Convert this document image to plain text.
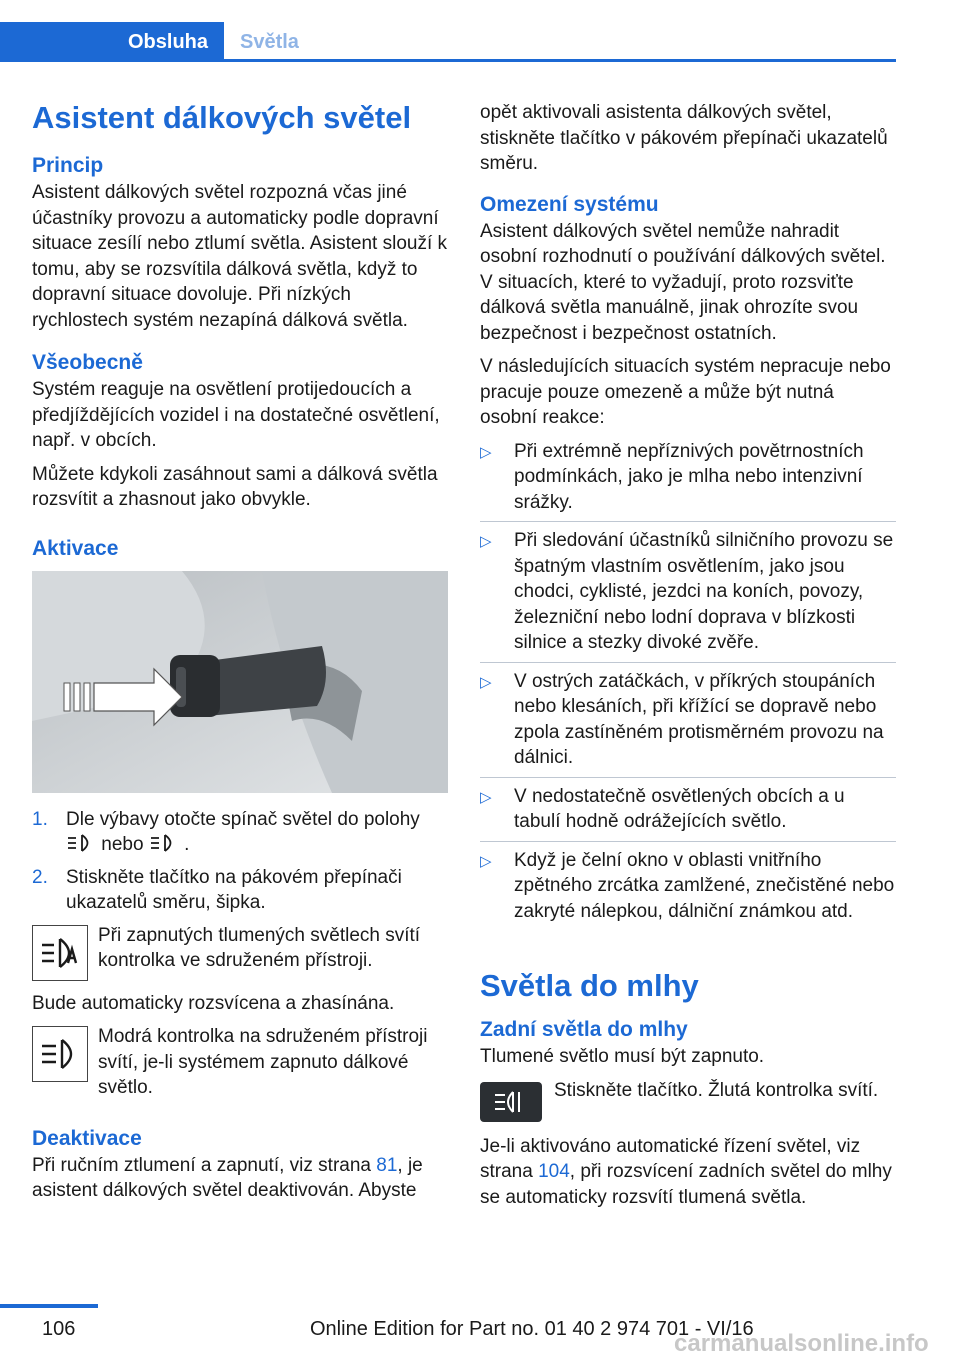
Obsluha	Světla
Asistent dálkových světel
Princip
Asistent dálkových světel rozpozná včas jiné účastníky provozu a automaticky podle dopravní situace zesílí nebo ztlumí světla. Asistent slouží k tomu, aby se rozsvítila dálková světla, když to dopravní situace dovoluje. Při nízkých rychlostech systém nezapíná dálková světla.
Všeobecně
Systém reaguje na osvětlení protijedoucích a předjíždějících vozidel i na dostatečné osvětlení, např. v obcích.
Můžete kdykoli zasáhnout sami a dálková světla rozsvítit a zhasnout jako obvykle.
Aktivace
1. Dle výbavy otočte spínač světel do polohy
nebo .
2. Stiskněte tlačítko na pákovém přepínači ukazatelů směru, šipka.
Při zapnutých tlumených světlech svítí kontrolka ve sdruženém přístroji.
Bude automaticky rozsvícena a zhasínána.
Modrá kontrolka na sdruženém přístroji svítí, je-li systémem zapnuto dálkové světlo.
Deaktivace
Při ručním ztlumení a zapnutí, viz strana 81, je asistent dálkových světel deaktivován. Abyste
opět aktivovali asistenta dálkových světel, stiskněte tlačítko v pákovém přepínači ukazatelů směru.
Omezení systému
Asistent dálkových světel nemůže nahradit osobní rozhodnutí o používání dálkových světel. V situacích, které to vyžadují, proto rozsviťte dálková světla manuálně, jinak ohrozíte svou bezpečnost i bezpečnost ostatních.
V následujících situacích systém nepracuje nebo pracuje pouze omezeně a může být nutná osobní reakce:
▷ Při extrémně nepříznivých povětrnostních podmínkách, jako je mlha nebo intenzivní srážky.
▷ Při sledování účastníků silničního provozu se špatným vlastním osvětlením, jako jsou chodci, cyklisté, jezdci na koních, povozy, železniční nebo lodní doprava v blízkosti silnice a stezky divoké zvěře.
▷ V ostrých zatáčkách, v příkrých stoupáních nebo klesáních, při křížící se dopravě nebo zpola zastíněném protisměrném provozu na dálnici.
▷ V nedostatečně osvětlených obcích a u tabulí hodně odrážejících světlo.
▷ Když je čelní okno v oblasti vnitřního zpětného zrcátka zamlžené, znečistěné nebo zakryté nálepkou, dálniční známkou atd.
Světla do mlhy
Zadní světla do mlhy
Tlumené světlo musí být zapnuto.
Stiskněte tlačítko. Žlutá kontrolka svítí.
Je-li aktivováno automatické řízení světel, viz strana 104, při rozsvícení zadních světel do mlhy se automaticky rozsvítí tlumená světla.
106	Online Edition for Part no. 01 40 2 974 701 - VI/16
carmanualsonline.info
